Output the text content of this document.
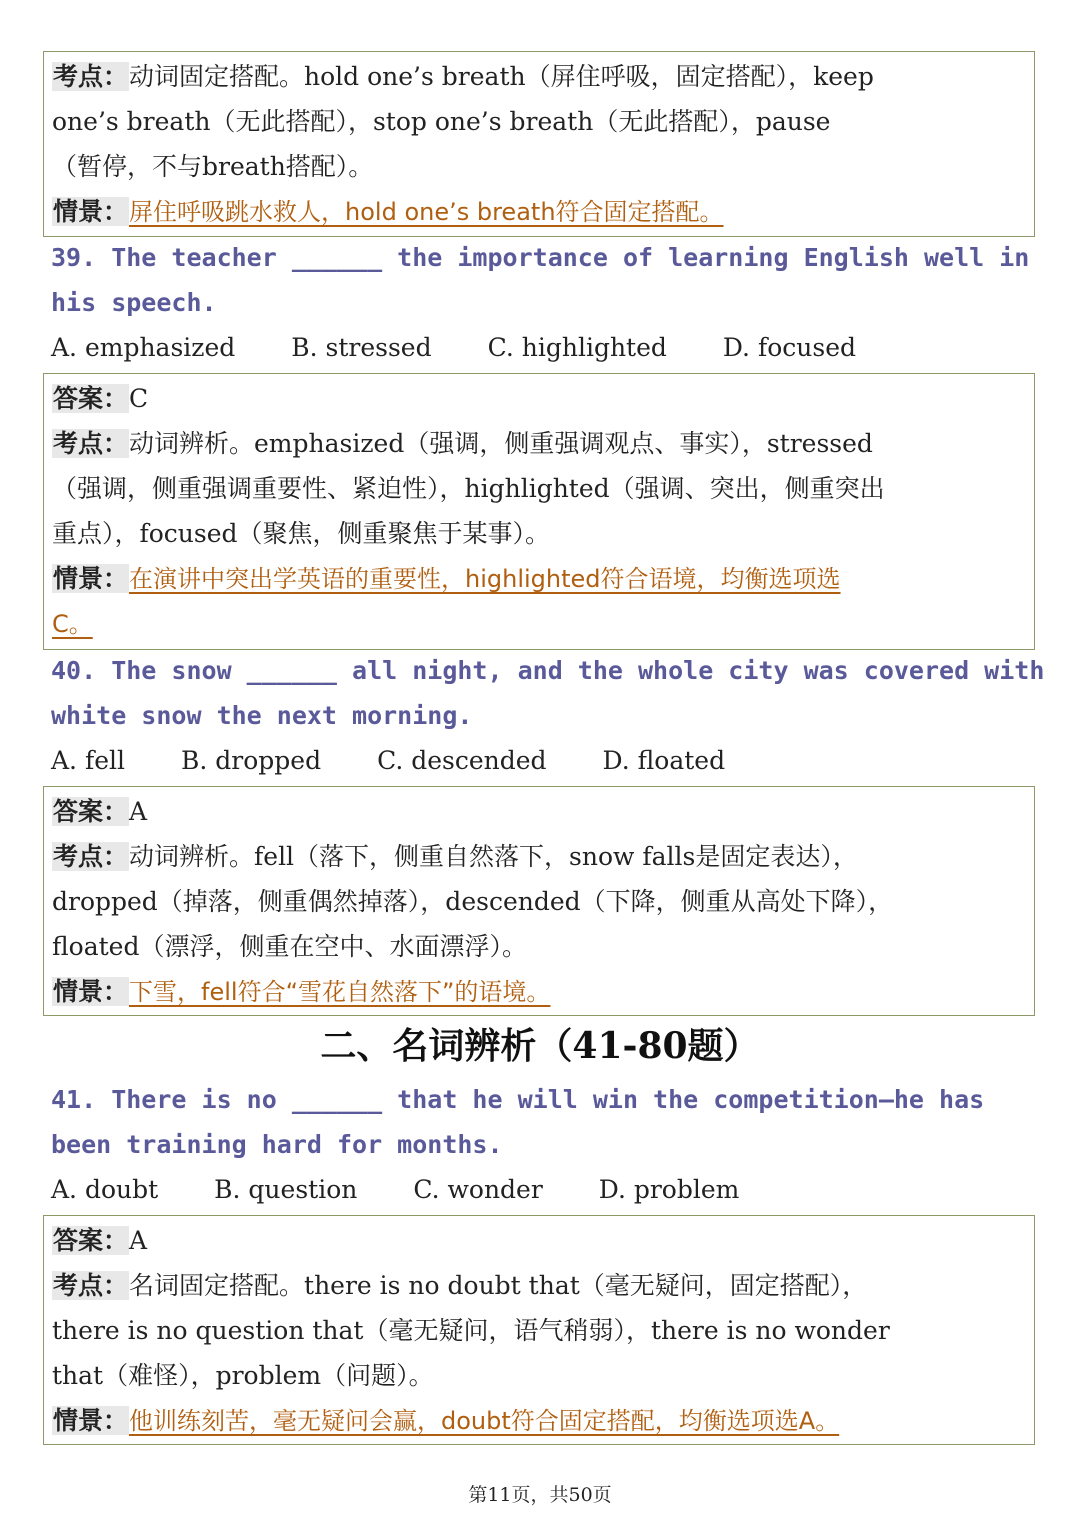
考点：动词固定搭配。hold one’s breath（屏住呼吸，固定搭配），keep
one’s breath（无此搭配），stop one’s breath（无此搭配），pause
（暂停，不与breath搭配）。
情景：屏住呼吸跳水救人，hold one’s breath符合固定搭配。
39. The teacher ______ the importance of learning English well in
his speech.
A. emphasized B. stressed C. highlighted D. focused
答案：C
考点：动词辨析。emphasized（强调，侧重强调观点、事实），stressed
（强调，侧重强调重要性、紧迫性），highlighted（强调、突出，侧重突出
重点），focused（聚焦，侧重聚焦于某事）。
情景：在演讲中突出学英语的重要性，highlighted符合语境，均衡选项选
C。
40. The snow ______ all night, and the whole city was covered with
white snow the next morning.
A. fell B. dropped C. descended D. floated
答案：A
考点：动词辨析。fell（落下，侧重自然落下，snow falls是固定表达），
dropped（掉落，侧重偶然掉落），descended（下降，侧重从高处下降），
floated（漂浮，侧重在空中、水面漂浮）。
情景：下雪，fell符合“雪花自然落下”的语境。
二、名词辨析（41-80题）
41. There is no ______ that he will win the competition—he has
been training hard for months.
A. doubt B. question C. wonder D. problem
答案：A
考点：名词固定搭配。there is no doubt that（毫无疑问，固定搭配），
there is no question that（毫无疑问，语气稍弱），there is no wonder
that（难怪），problem（问题）。
情景：他训练刻苦，毫无疑问会赢，doubt符合固定搭配，均衡选项选A。
第11页，共50页
